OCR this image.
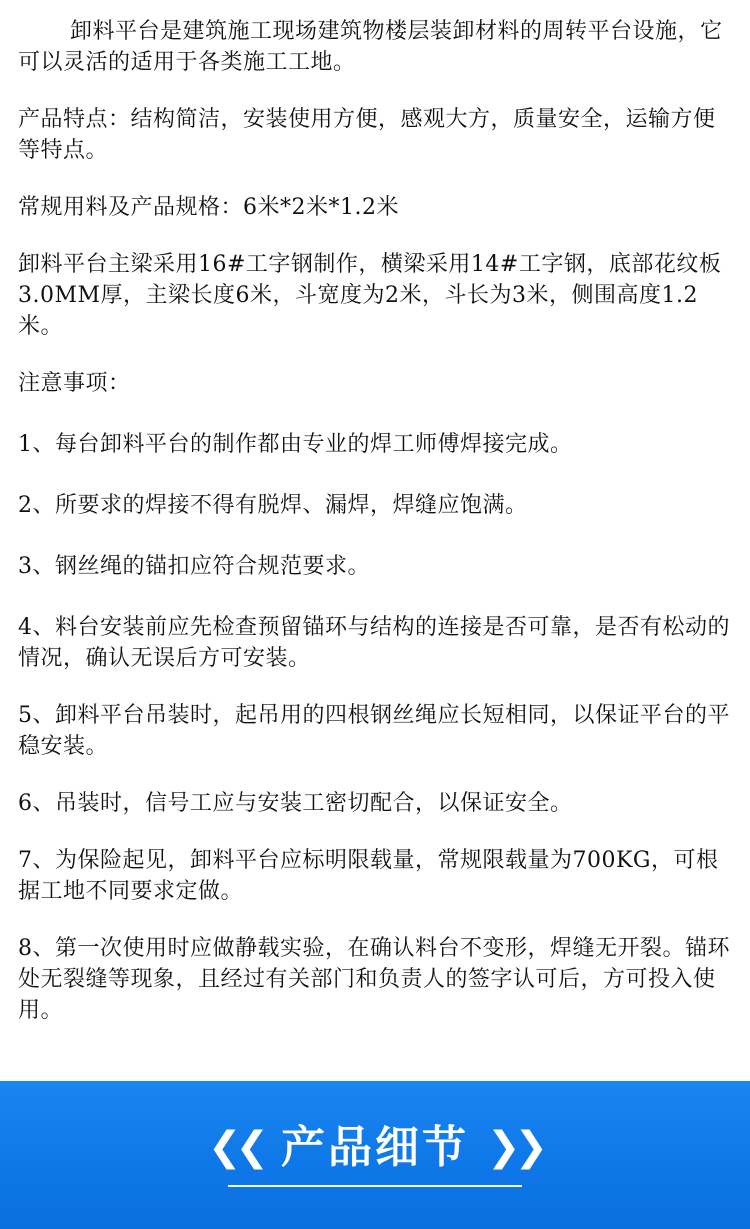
卸料平台是建筑施工现场建筑物楼层装卸材料的周转平台设施，它可以灵活的适用于各类施工工地。

产品特点：结构简洁，安装使用方便，感观大方，质量安全，运输方便等特点。

常规用料及产品规格：6米*2米*1.2米

卸料平台主梁采用16#工字钢制作，横梁采用14#工字钢，底部花纹板3.0MM厚，主梁长度6米，斗宽度为2米，斗长为3米，侧围高度1.2米。

注意事项：

1、每台卸料平台的制作都由专业的焊工师傅焊接完成。

2、所要求的焊接不得有脱焊、漏焊，焊缝应饱满。

3、钢丝绳的锚扣应符合规范要求。

4、料台安装前应先检查预留锚环与结构的连接是否可靠，是否有松动的情况，确认无误后方可安装。

5、卸料平台吊装时，起吊用的四根钢丝绳应长短相同，以保证平台的平稳安装。

6、吊装时，信号工应与安装工密切配合，以保证安全。

7、为保险起见，卸料平台应标明限载量，常规限载量为700KG，可根据工地不同要求定做。

8、第一次使用时应做静载实验，在确认料台不变形，焊缝无开裂。锚环处无裂缝等现象，且经过有关部门和负责人的签字认可后，方可投入使用。

❮❮ 产品细节 ❯❯
